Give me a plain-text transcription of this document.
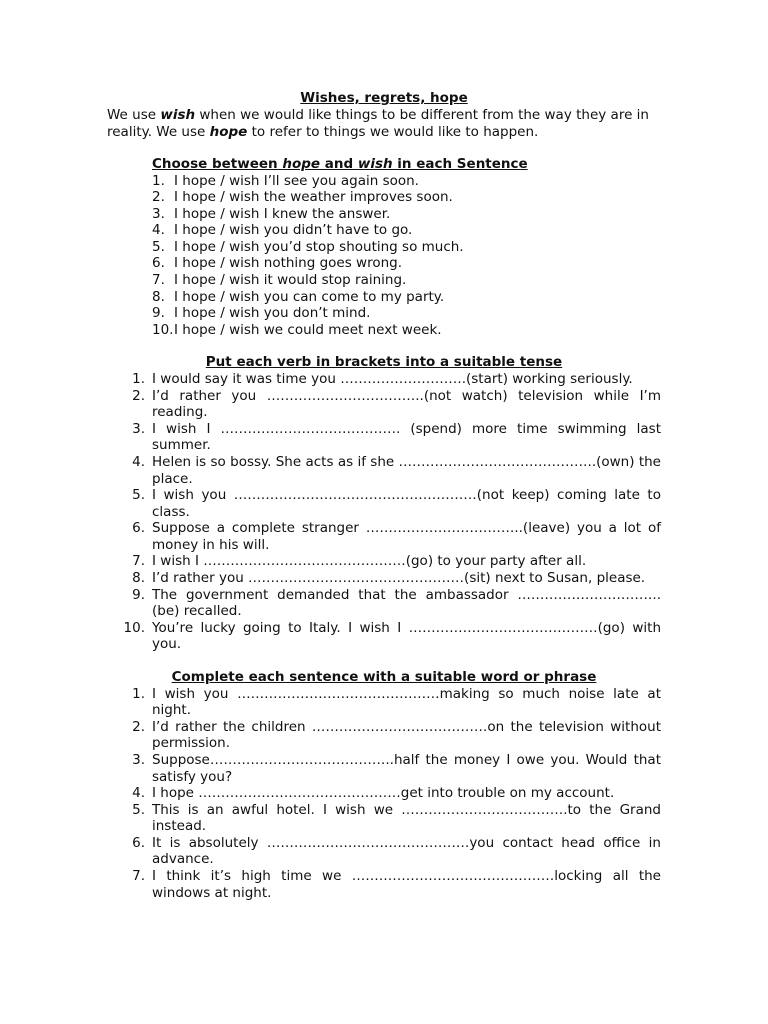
Wishes, regrets, hope

We use wish when we would like things to be different from the way they are in reality. We use hope to refer to things we would like to happen.

Choose between hope and wish in each Sentence
1. I hope / wish I’ll see you again soon.
2. I hope / wish the weather improves soon.
3. I hope / wish I knew the answer.
4. I hope / wish you didn’t have to go.
5. I hope / wish you’d stop shouting so much.
6. I hope / wish nothing goes wrong.
7. I hope / wish it would stop raining.
8. I hope / wish you can come to my party.
9. I hope / wish you don’t mind.
10.I hope / wish we could meet next week.
Put each verb in brackets into a suitable tense
1. I would say it was time you ……………………….(start) working seriously.
2. I’d rather you ……………………………..(not watch) television while I’m reading.
3. I wish I …………………………………. (spend) more time swimming last summer.
4. Helen is so bossy. She acts as if she ……………………………………..(own) the place.
5. I wish you ………………………………………………(not keep) coming late to class.
6. Suppose a complete stranger ……………………………..(leave) you a lot of money in his will.
7. I wish I ………………………………………(go) to your party after all.
8. I’d rather you …………………………………………(sit) next to Susan, please.
9. The government demanded that the ambassador ………………………….. (be) recalled.
10. You’re lucky going to Italy. I wish I ……………………………………(go) with you.
Complete each sentence with a suitable word or phrase
1. I wish you ………………………………………making so much noise late at night.
2. I’d rather the children …………………………………on the television without permission.
3. Suppose…………………………………..half the money I owe you. Would that satisfy you?
4. I hope ………………………………………get into trouble on my account.
5. This is an awful hotel. I wish we ……………………………….to the Grand instead.
6. It is absolutely ………………………………………you contact head office in advance.
7. I think it’s high time we ………………………………………locking all the windows at night.
